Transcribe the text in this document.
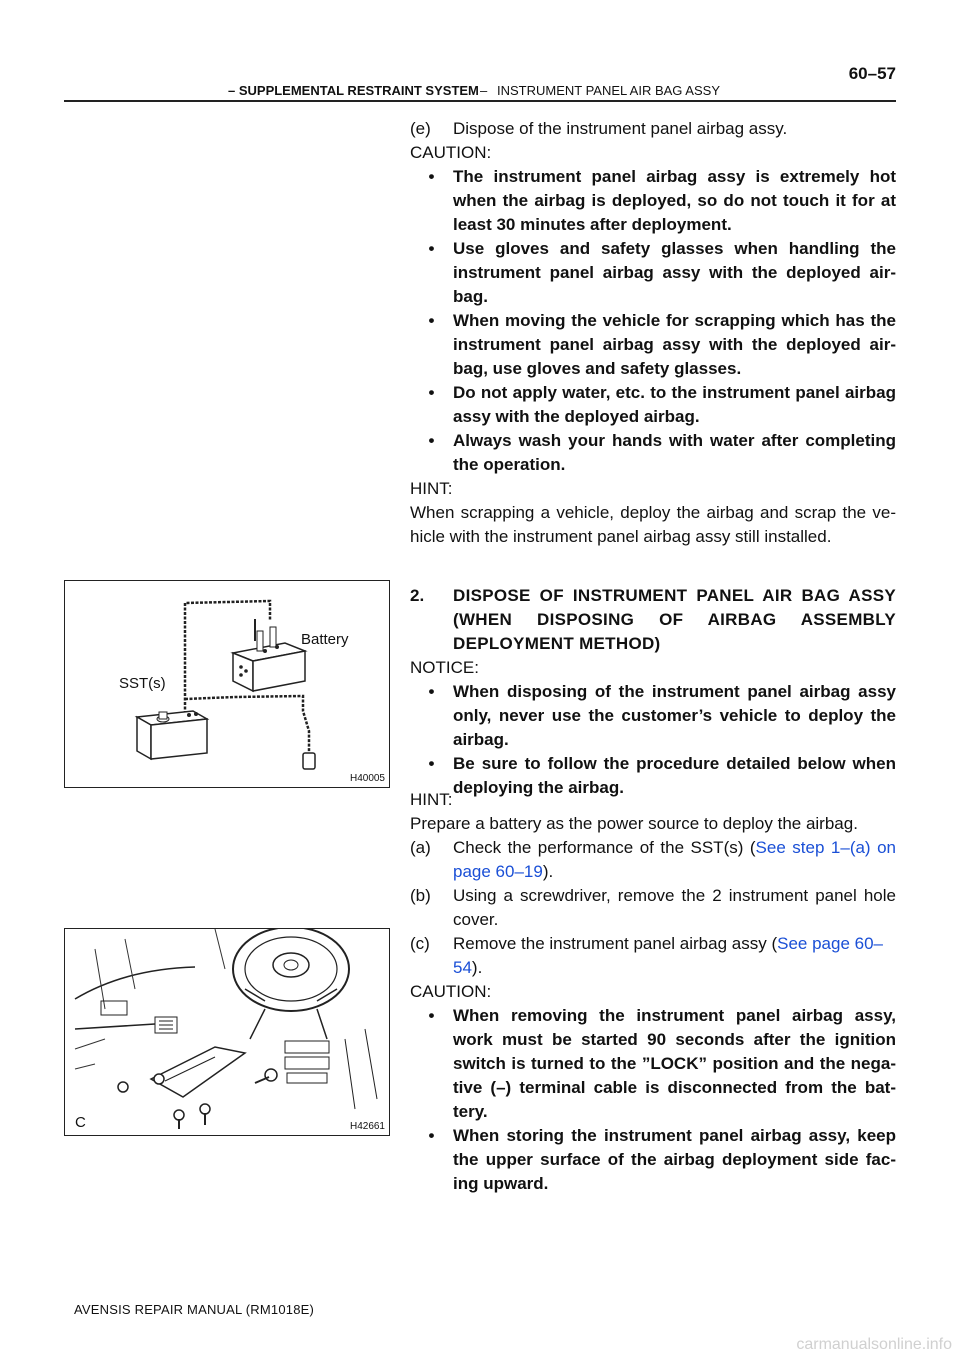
60–57
– SUPPLEMENTAL RESTRAINT SYSTEM – INSTRUMENT PANEL AIR BAG ASSY
(e)	Dispose of the instrument panel airbag assy.
CAUTION:
•	The instrument panel airbag assy is extremely hot when the airbag is deployed, so do not touch it for at least 30 minutes after deployment.
•	Use gloves and safety glasses when handling the instrument panel airbag assy with the deployed air-bag.
•	When moving the vehicle for scrapping which has the instrument panel airbag assy with the deployed air-bag, use gloves and safety glasses.
•	Do not apply water, etc. to the instrument panel airbag assy with the deployed airbag.
•	Always wash your hands with water after completing the operation.
HINT:
When scrapping a vehicle, deploy the airbag and scrap the ve-hicle with the instrument panel airbag assy still installed.
2.	DISPOSE OF INSTRUMENT PANEL AIR BAG ASSY (WHEN DISPOSING OF AIRBAG ASSEMBLY DEPLOYMENT METHOD)
NOTICE:
•	When disposing of the instrument panel airbag assy only, never use the customer’s vehicle to deploy the airbag.
•	Be sure to follow the procedure detailed below when deploying the airbag.
HINT:
Prepare a battery as the power source to deploy the airbag.
(a)	Check the performance of the SST(s) (See step 1–(a) on page 60–19).
(b)	Using a screwdriver, remove the 2 instrument panel hole cover.
(c)	Remove the instrument panel airbag assy (See page 60–54).
CAUTION:
•	When removing the instrument panel airbag assy, work must be started 90 seconds after the ignition switch is turned to the ”LOCK” position and the nega-tive (–) terminal cable is disconnected from the bat-tery.
•	When storing the instrument panel airbag assy, keep the upper surface of the airbag deployment side fac-ing upward.
Battery
SST(s)
H40005
C	H42661
AVENSIS REPAIR MANUAL (RM1018E)
carmanualsonline.info
